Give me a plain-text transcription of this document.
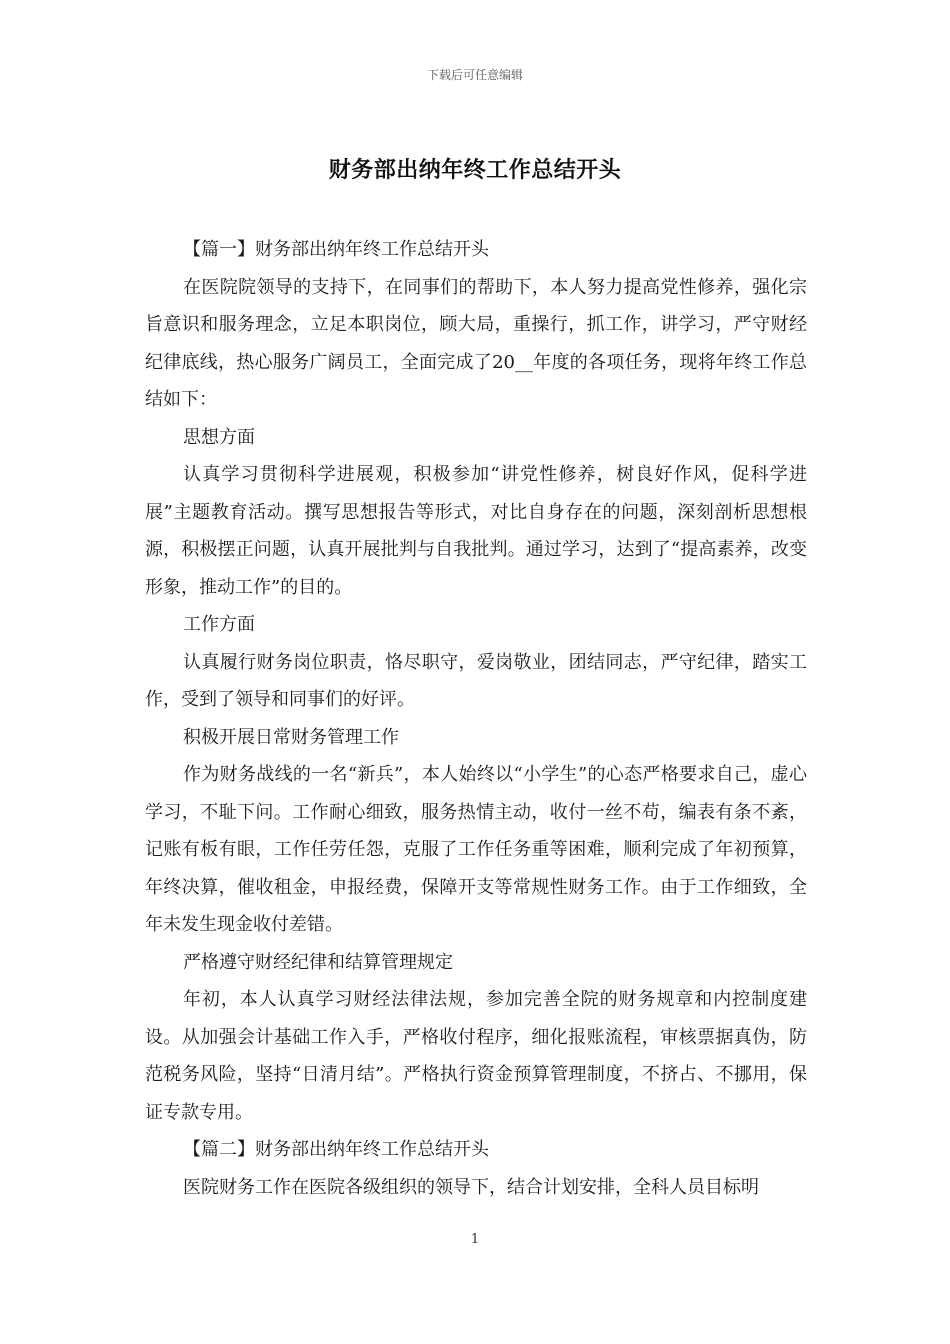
下载后可任意编辑
财务部出纳年终工作总结开头

【篇一】财务部出纳年终工作总结开头

在医院院领导的支持下，在同事们的帮助下，本人努力提高党性修养，强化宗旨意识和服务理念，立足本职岗位，顾大局，重操行，抓工作，讲学习，严守财经纪律底线，热心服务广阔员工，全面完成了20__年度的各项任务，现将年终工作总结如下：

思想方面

认真学习贯彻科学进展观，积极参加“讲党性修养，树良好作风，促科学进展”主题教育活动。撰写思想报告等形式，对比自身存在的问题，深刻剖析思想根源，积极摆正问题，认真开展批判与自我批判。通过学习，达到了“提高素养，改变形象，推动工作”的目的。

工作方面

认真履行财务岗位职责，恪尽职守，爱岗敬业，团结同志，严守纪律，踏实工作，受到了领导和同事们的好评。

积极开展日常财务管理工作

作为财务战线的一名“新兵”，本人始终以“小学生”的心态严格要求自己，虚心学习，不耻下问。工作耐心细致，服务热情主动，收付一丝不苟，编表有条不紊，记账有板有眼，工作任劳任怨，克服了工作任务重等困难，顺利完成了年初预算，年终决算，催收租金，申报经费，保障开支等常规性财务工作。由于工作细致，全年未发生现金收付差错。

严格遵守财经纪律和结算管理规定

年初，本人认真学习财经法律法规，参加完善全院的财务规章和内控制度建设。从加强会计基础工作入手，严格收付程序，细化报账流程，审核票据真伪，防范税务风险，坚持“日清月结”。严格执行资金预算管理制度，不挤占、不挪用，保证专款专用。

【篇二】财务部出纳年终工作总结开头

医院财务工作在医院各级组织的领导下，结合计划安排，全科人员目标明

1
